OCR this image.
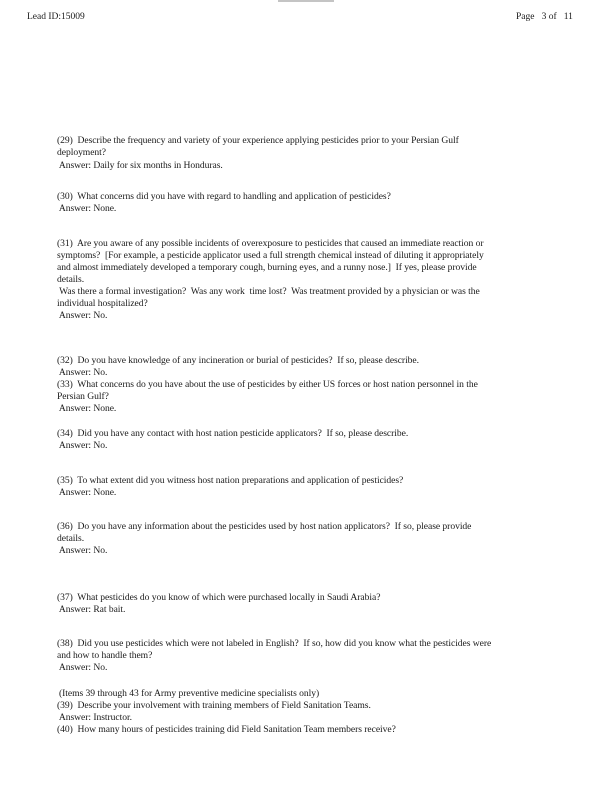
Lead ID:15009	Page   3 of   11
(29)  Describe the frequency and variety of your experience applying pesticides prior to your Persian Gulf
deployment?
Answer: Daily for six months in Honduras.
(30)  What concerns did you have with regard to handling and application of pesticides?
Answer: None.
(31)  Are you aware of any possible incidents of overexposure to pesticides that caused an immediate reaction or
symptoms?  [For example, a pesticide applicator used a full strength chemical instead of diluting it appropriately
and almost immediately developed a temporary cough, burning eyes, and a runny nose.]  If yes, please provide
details.
Was there a formal investigation?  Was any work  time lost?  Was treatment provided by a physician or was the
individual hospitalized?
Answer: No.
(32)  Do you have knowledge of any incineration or burial of pesticides?  If so, please describe.
Answer: No.
(33)  What concerns do you have about the use of pesticides by either US forces or host nation personnel in the
Persian Gulf?
Answer: None.
(34)  Did you have any contact with host nation pesticide applicators?  If so, please describe.
Answer: No.
(35)  To what extent did you witness host nation preparations and application of pesticides?
Answer: None.
(36)  Do you have any information about the pesticides used by host nation applicators?  If so, please provide
details.
Answer: No.
(37)  What pesticides do you know of which were purchased locally in Saudi Arabia?
Answer: Rat bait.
(38)  Did you use pesticides which were not labeled in English?  If so, how did you know what the pesticides were
and how to handle them?
Answer: No.
(Items 39 through 43 for Army preventive medicine specialists only)
(39)  Describe your involvement with training members of Field Sanitation Teams.
Answer: Instructor.
(40)  How many hours of pesticides training did Field Sanitation Team members receive?
